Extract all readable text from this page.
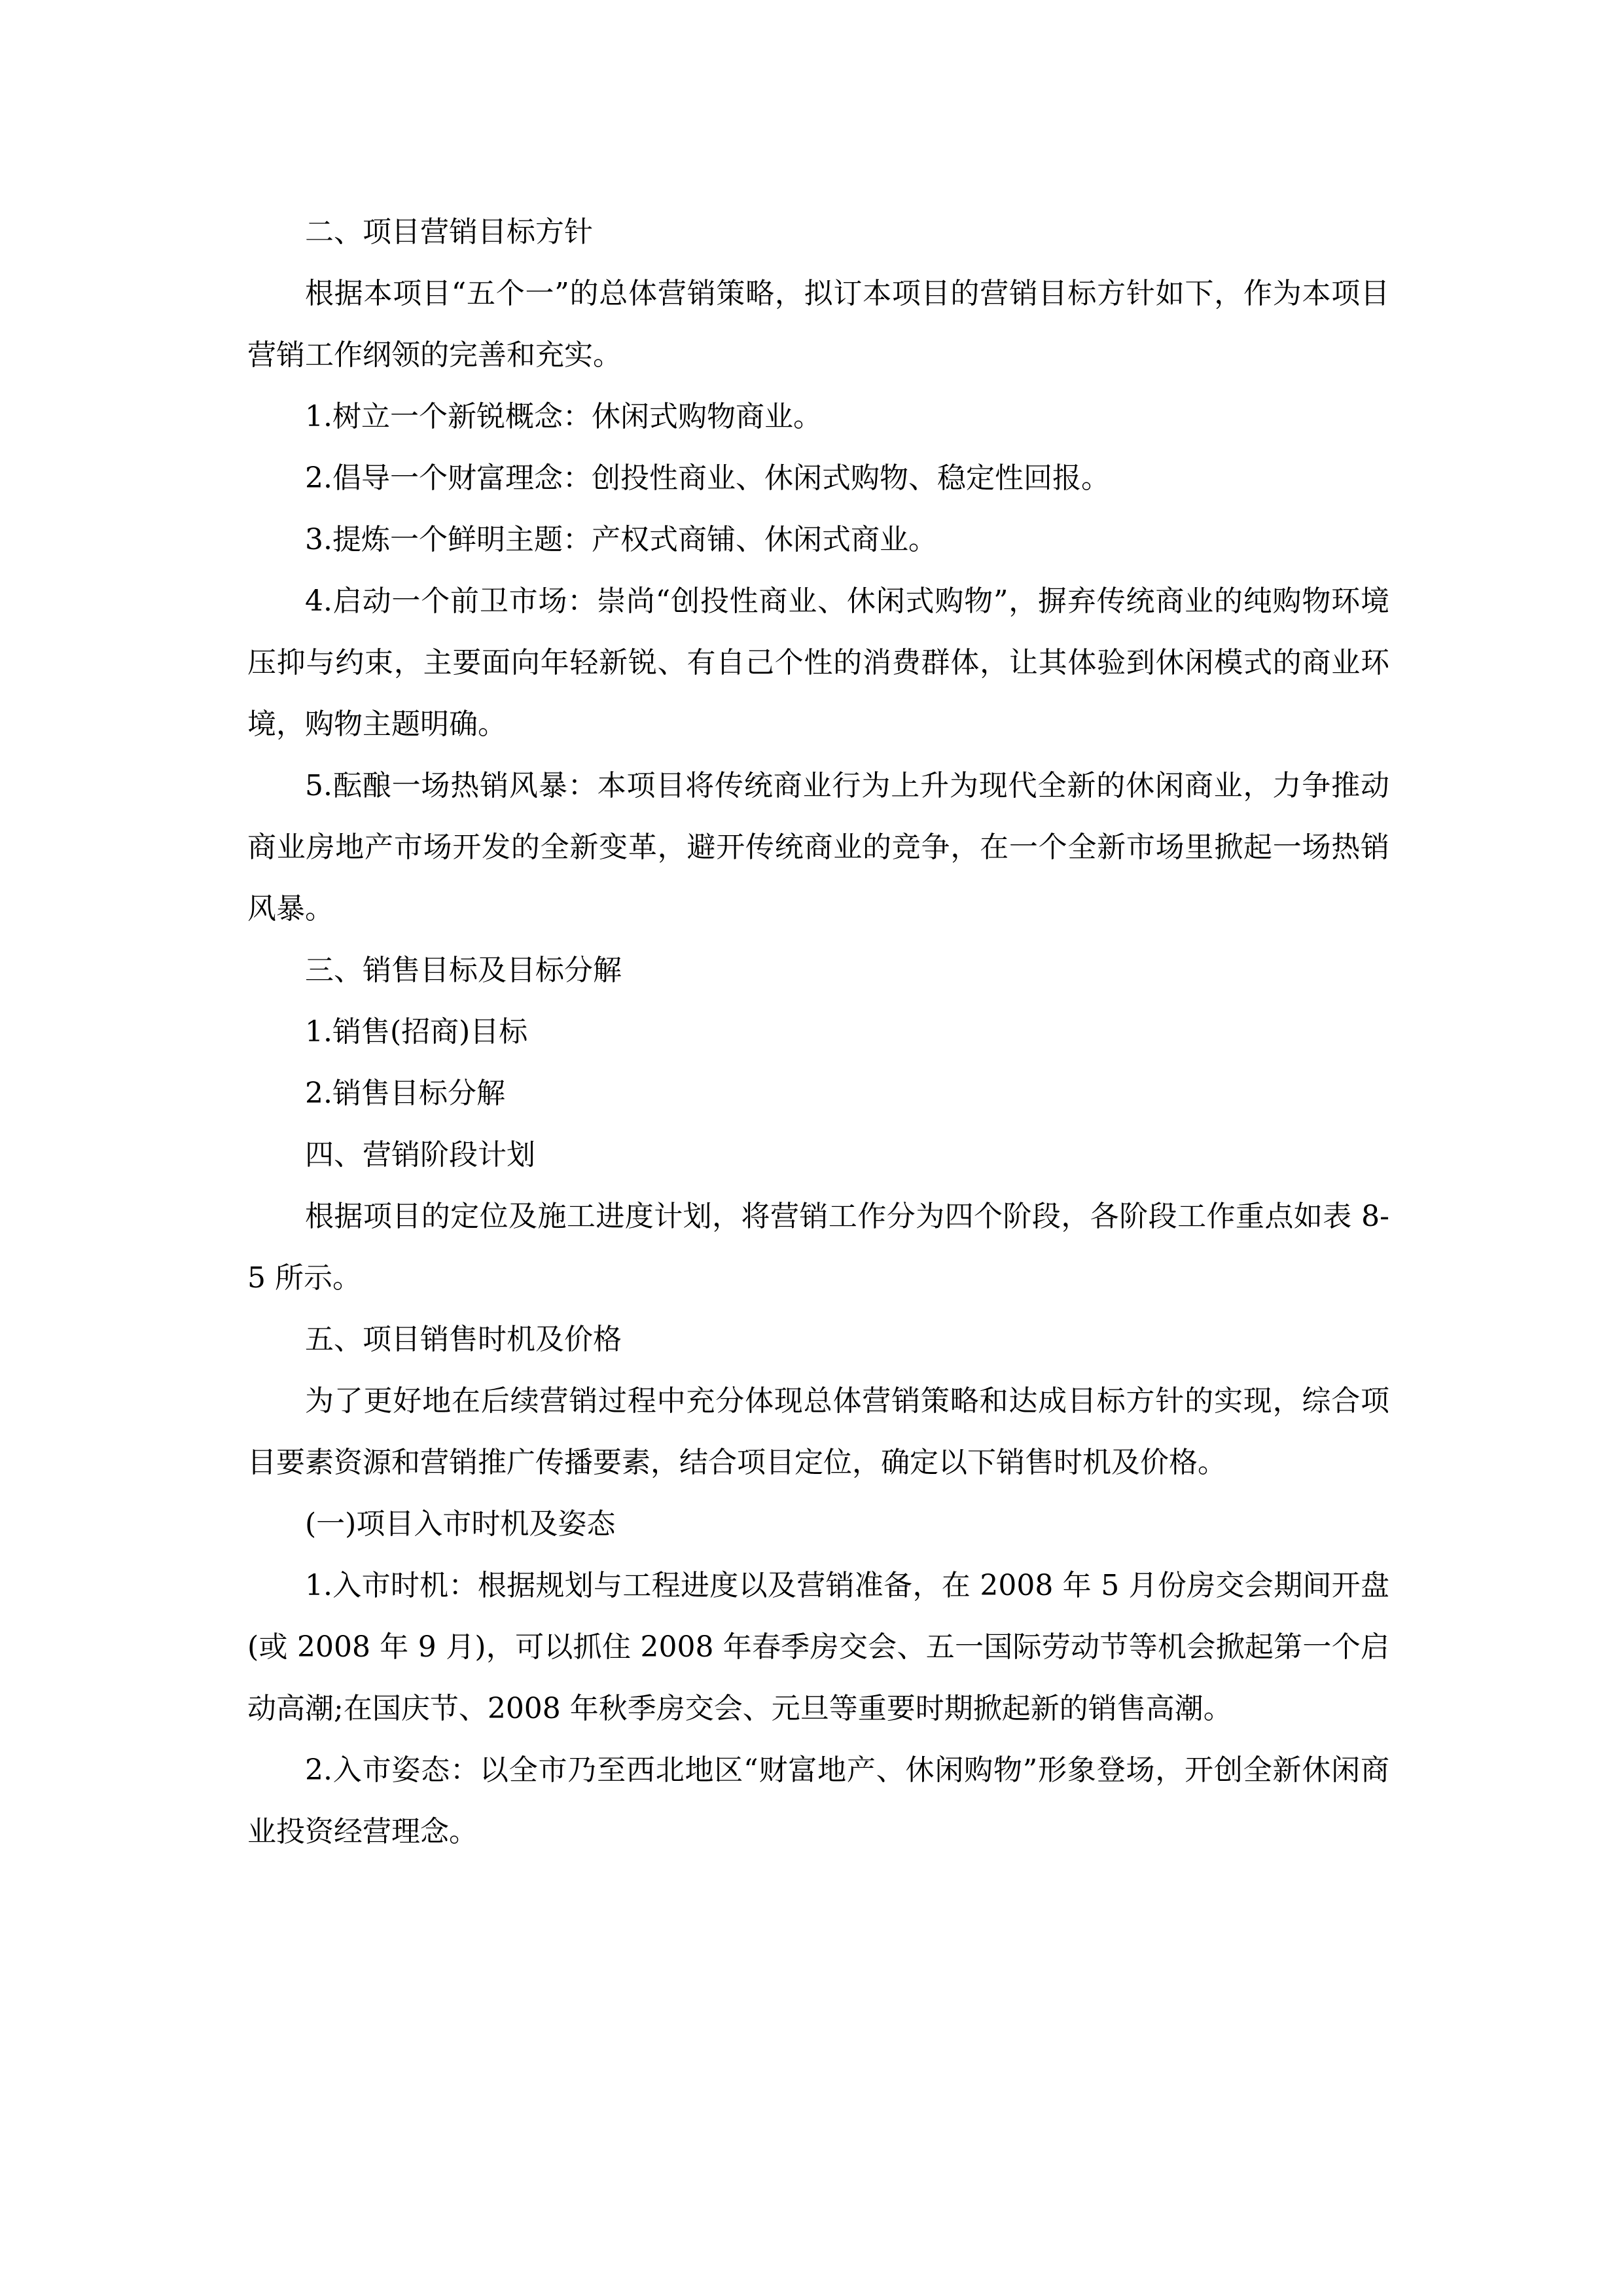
二、项目营销目标方针

根据本项目“五个一”的总体营销策略，拟订本项目的营销目标方针如下，作为本项目营销工作纲领的完善和充实。

1.树立一个新锐概念：休闲式购物商业。

2.倡导一个财富理念：创投性商业、休闲式购物、稳定性回报。

3.提炼一个鲜明主题：产权式商铺、休闲式商业。

4.启动一个前卫市场：崇尚“创投性商业、休闲式购物”，摒弃传统商业的纯购物环境压抑与约束，主要面向年轻新锐、有自己个性的消费群体，让其体验到休闲模式的商业环境，购物主题明确。

5.酝酿一场热销风暴：本项目将传统商业行为上升为现代全新的休闲商业，力争推动商业房地产市场开发的全新变革，避开传统商业的竞争，在一个全新市场里掀起一场热销风暴。

三、销售目标及目标分解

1.销售(招商)目标

2.销售目标分解

四、营销阶段计划

根据项目的定位及施工进度计划，将营销工作分为四个阶段，各阶段工作重点如表 8-5 所示。

五、项目销售时机及价格

为了更好地在后续营销过程中充分体现总体营销策略和达成目标方针的实现，综合项目要素资源和营销推广传播要素，结合项目定位，确定以下销售时机及价格。

(一)项目入市时机及姿态

1.入市时机：根据规划与工程进度以及营销准备，在 2008 年 5 月份房交会期间开盘(或 2008 年 9 月)，可以抓住 2008 年春季房交会、五一国际劳动节等机会掀起第一个启动高潮;在国庆节、2008 年秋季房交会、元旦等重要时期掀起新的销售高潮。

2.入市姿态：以全市乃至西北地区“财富地产、休闲购物”形象登场，开创全新休闲商业投资经营理念。
